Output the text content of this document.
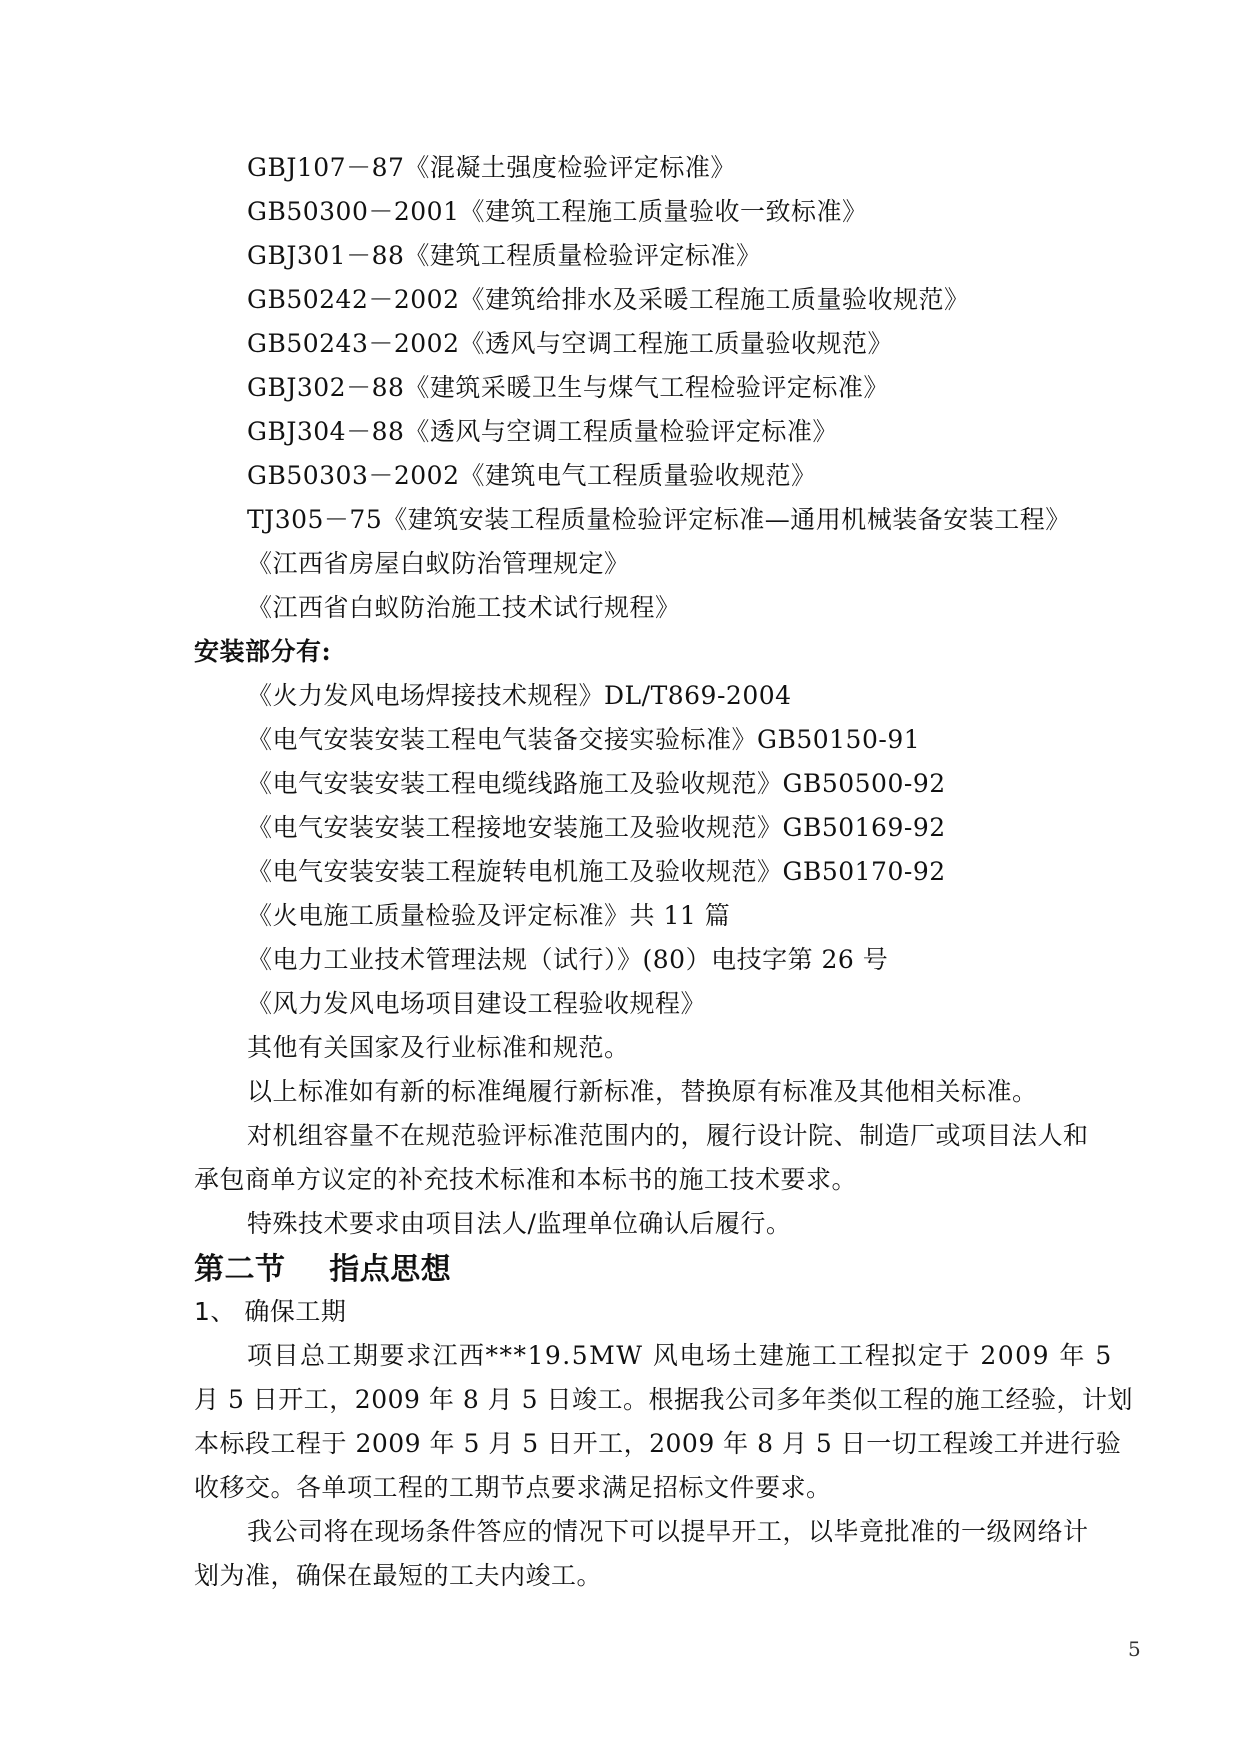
GBJ107－87《混凝土强度检验评定标准》
GB50300－2001《建筑工程施工质量验收一致标准》
GBJ301－88《建筑工程质量检验评定标准》
GB50242－2002《建筑给排水及采暖工程施工质量验收规范》
GB50243－2002《透风与空调工程施工质量验收规范》
GBJ302－88《建筑采暖卫生与煤气工程检验评定标准》
GBJ304－88《透风与空调工程质量检验评定标准》
GB50303－2002《建筑电气工程质量验收规范》
TJ305－75《建筑安装工程质量检验评定标准—通用机械装备安装工程》
《江西省房屋白蚁防治管理规定》
《江西省白蚁防治施工技术试行规程》
安装部分有:
《火力发风电场焊接技术规程》DL/T869-2004
《电气安装安装工程电气装备交接实验标准》GB50150-91
《电气安装安装工程电缆线路施工及验收规范》GB50500-92
《电气安装安装工程接地安装施工及验收规范》GB50169-92
《电气安装安装工程旋转电机施工及验收规范》GB50170-92
《火电施工质量检验及评定标准》共 11 篇
《电力工业技术管理法规（试行）》(80）电技字第 26 号
《风力发风电场项目建设工程验收规程》
其他有关国家及行业标准和规范。
以上标准如有新的标准绳履行新标准，替换原有标准及其他相关标准。
对机组容量不在规范验评标准范围内的，履行设计院、制造厂或项目法人和
承包商单方议定的补充技术标准和本标书的施工技术要求。
特殊技术要求由项目法人/监理单位确认后履行。
第二节    指点思想
1、 确保工期
项目总工期要求江西***19.5MW 风电场土建施工工程拟定于 2009 年 5
月 5 日开工，2009 年 8 月 5 日竣工。根据我公司多年类似工程的施工经验，计划
本标段工程于 2009 年 5 月 5 日开工，2009 年 8 月 5 日一切工程竣工并进行验
收移交。各单项工程的工期节点要求满足招标文件要求。
我公司将在现场条件答应的情况下可以提早开工，以毕竟批准的一级网络计
划为准，确保在最短的工夫内竣工。
5
